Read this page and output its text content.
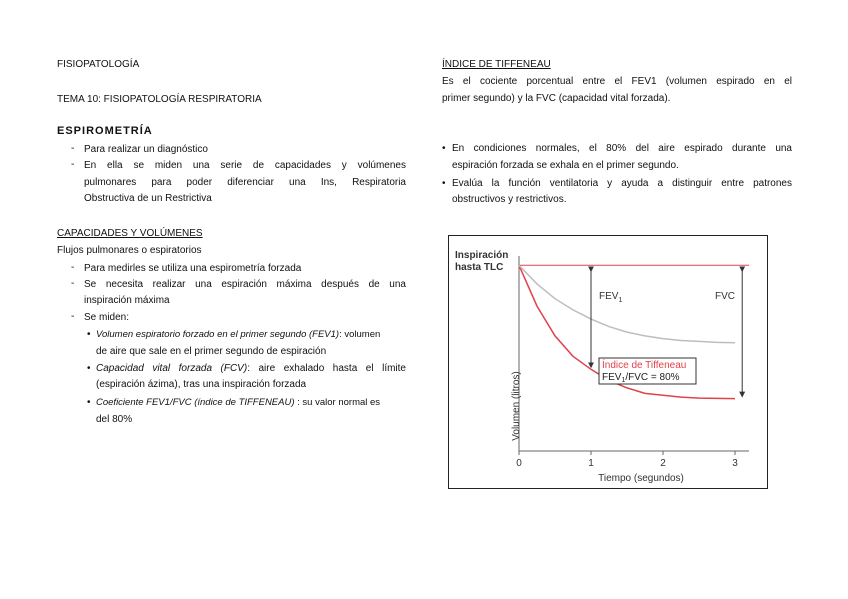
FISIOPATOLOGÍA
TEMA 10: FISIOPATOLOGÍA RESPIRATORIA
ESPIROMETRÍA
- Para realizar un diagnóstico
- En ella se miden una serie de capacidades y volúmenes
pulmonares para poder diferenciar una Ins, Respiratoria
Obstructiva de un Restrictiva
CAPACIDADES Y VOLÚMENES
Flujos pulmonares o espiratorios
- Para medirles se utiliza una espirometría forzada
- Se necesita realizar una espiración máxima después de una
inspiración máxima
- Se miden:
• Volumen espiratorio forzado en el primer segundo (FEV1): volumen
de aire que sale en el primer segundo de espiración
• Capacidad vital forzada (FCV): aire exhalado hasta el límite
(espiración ázima), tras una inspiración forzada
• Coeficiente FEV1/FVC (índice de TIFFENEAU) : su valor normal es
del 80%
ÍNDICE DE TIFFENEAU
Es el cociente porcentual entre el FEV1 (volumen espirado en el
primer segundo) y la FVC (capacidad vital forzada).
• En condiciones normales, el 80% del aire espirado durante una
espiración forzada se exhala en el primer segundo.
• Evalúa la función ventilatoria y ayuda a distinguir entre patrones
obstructivos y restrictivos.
0	1	2	3
Inspiración
hasta TLC
$FEV_1$	FVC
Volumen (litros)
Tiempo (segundos)
Índice de Tiffeneau
$FEV_1$/FVC = 80%
